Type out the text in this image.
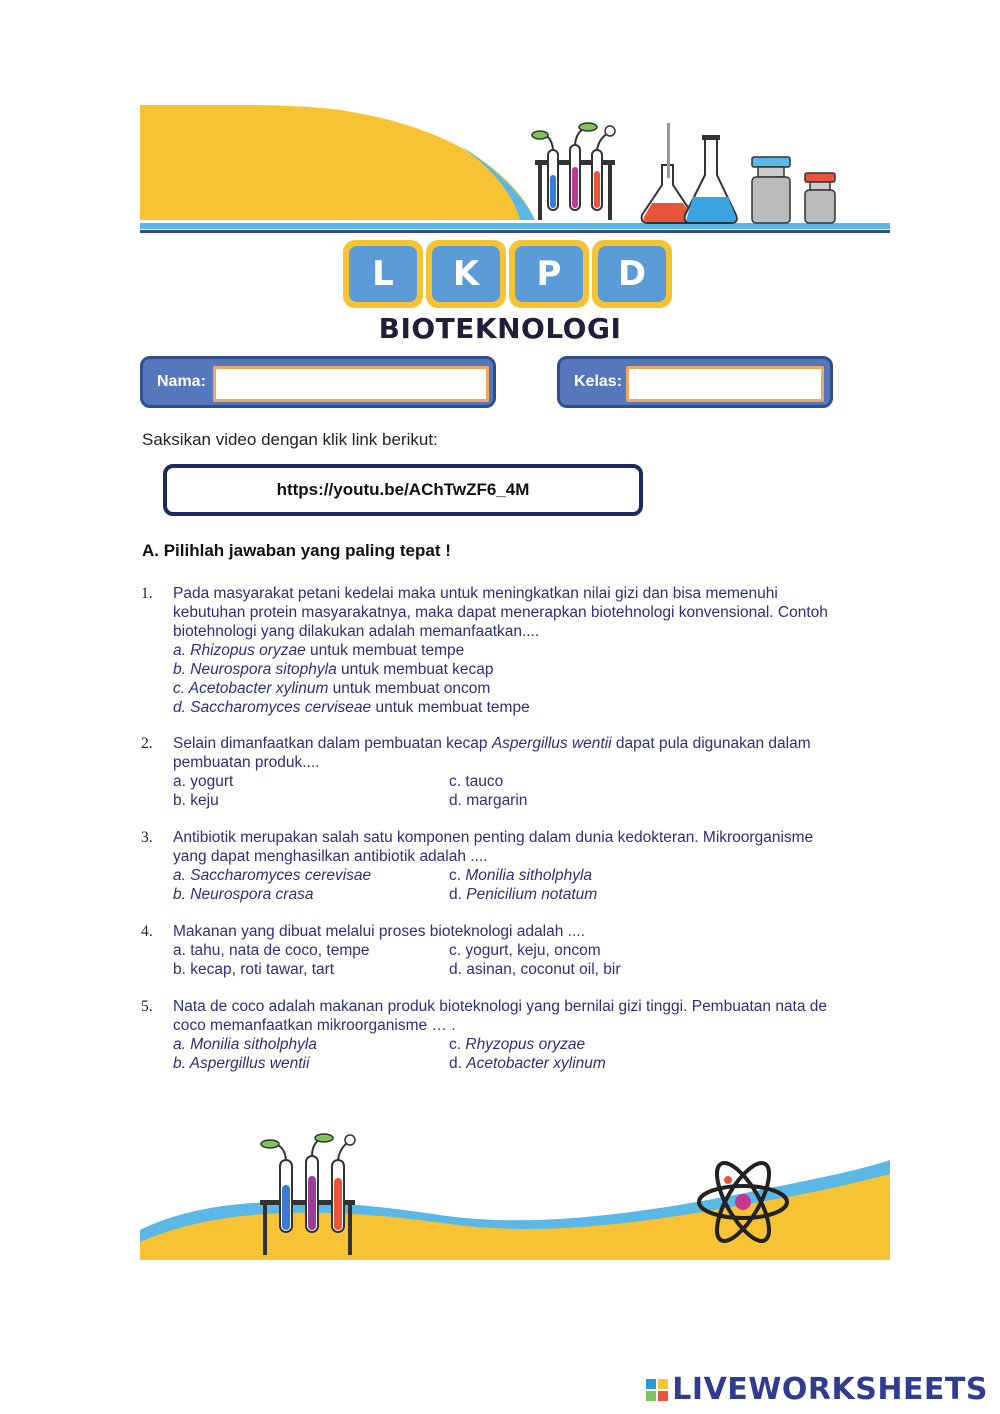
L	K	P	D
BIOTEKNOLOGI
Nama:	Kelas:
Saksikan video dengan klik link berikut:
https://youtu.be/AChTwZF6_4M
A. Pilihlah jawaban yang paling tepat !
1. Pada masyarakat petani kedelai maka untuk meningkatkan nilai gizi dan bisa memenuhi
kebutuhan protein masyarakatnya, maka dapat menerapkan biotehnologi konvensional. Contoh
biotehnologi yang dilakukan adalah memanfaatkan....
a. Rhizopus oryzae untuk membuat tempe
b. Neurospora sitophyla untuk membuat kecap
c. Acetobacter xylinum untuk membuat oncom
d. Saccharomyces cerviseae untuk membuat tempe
2. Selain dimanfaatkan dalam pembuatan kecap Aspergillus wentii dapat pula digunakan dalam
pembuatan produk....
a. yogurt	c. tauco
b. keju	d. margarin
3. Antibiotik merupakan salah satu komponen penting dalam dunia kedokteran. Mikroorganisme
yang dapat menghasilkan antibiotik adalah ....
a. Saccharomyces cerevisae	c. Monilia sitholphyla
b. Neurospora crasa	d. Penicilium notatum
4. Makanan yang dibuat melalui proses bioteknologi adalah ....
a. tahu, nata de coco, tempe	c. yogurt, keju, oncom
b. kecap, roti tawar, tart	d. asinan, coconut oil, bir
5. Nata de coco adalah makanan produk bioteknologi yang bernilai gizi tinggi. Pembuatan nata de
coco memanfaatkan mikroorganisme … .
a. Monilia sitholphyla	c. Rhyzopus oryzae
b. Aspergillus wentii	d. Acetobacter xylinum
LIVEWORKSHEETS
